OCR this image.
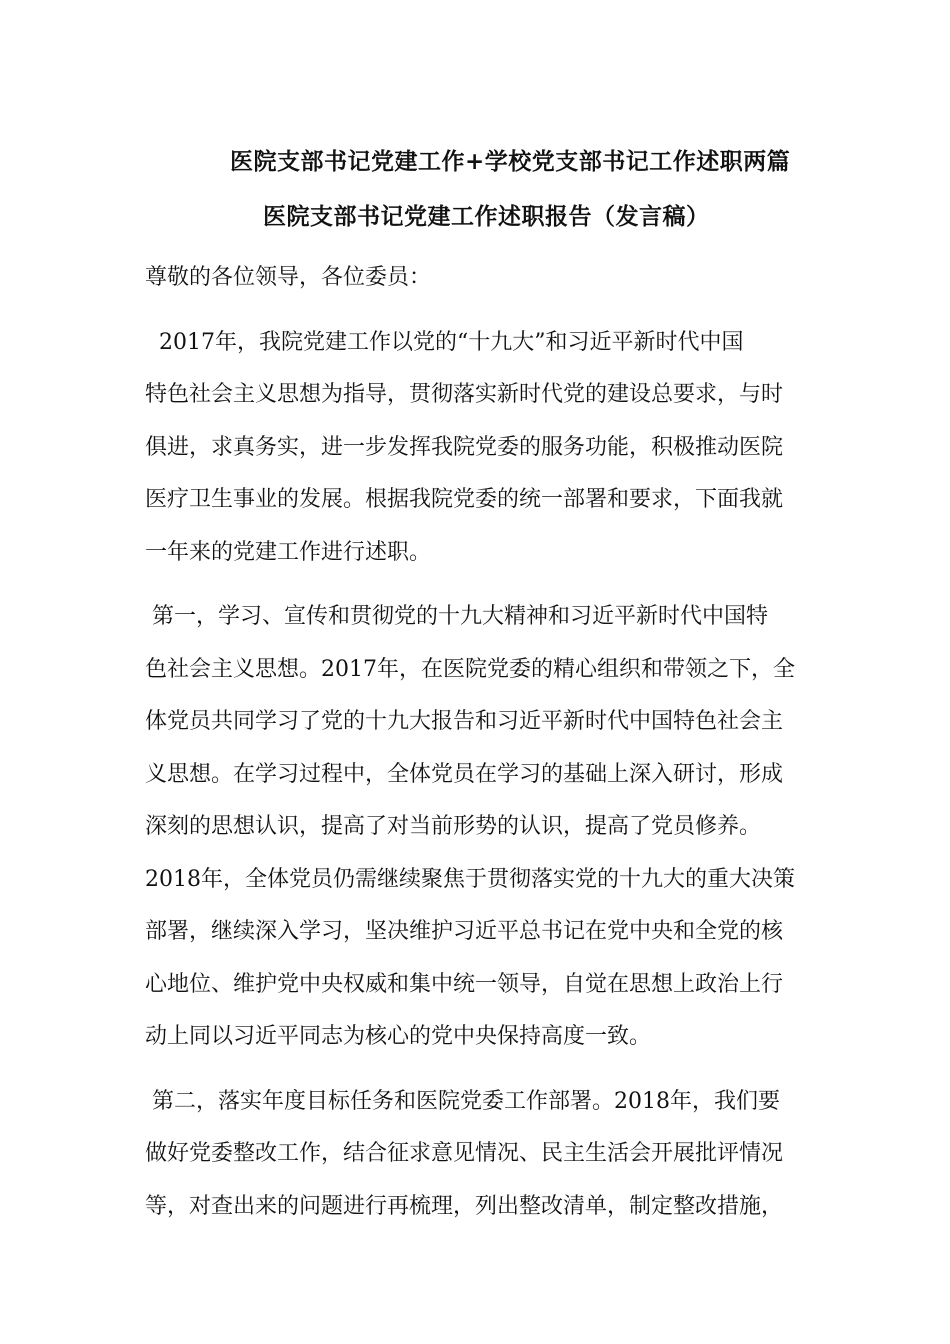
医院支部书记党建工作+学校党支部书记工作述职两篇
医院支部书记党建工作述职报告（发言稿）

尊敬的各位领导，各位委员：

2017年，我院党建工作以党的“十九大”和习近平新时代中国
特色社会主义思想为指导，贯彻落实新时代党的建设总要求，与时
俱进，求真务实，进一步发挥我院党委的服务功能，积极推动医院
医疗卫生事业的发展。根据我院党委的统一部署和要求，下面我就
一年来的党建工作进行述职。

第一，学习、宣传和贯彻党的十九大精神和习近平新时代中国特
色社会主义思想。2017年，在医院党委的精心组织和带领之下，全
体党员共同学习了党的十九大报告和习近平新时代中国特色社会主
义思想。在学习过程中，全体党员在学习的基础上深入研讨，形成
深刻的思想认识，提高了对当前形势的认识，提高了党员修养。
2018年，全体党员仍需继续聚焦于贯彻落实党的十九大的重大决策
部署，继续深入学习，坚决维护习近平总书记在党中央和全党的核
心地位、维护党中央权威和集中统一领导，自觉在思想上政治上行
动上同以习近平同志为核心的党中央保持高度一致。

第二，落实年度目标任务和医院党委工作部署。2018年，我们要
做好党委整改工作，结合征求意见情况、民主生活会开展批评情况
等，对查出来的问题进行再梳理，列出整改清单，制定整改措施，
